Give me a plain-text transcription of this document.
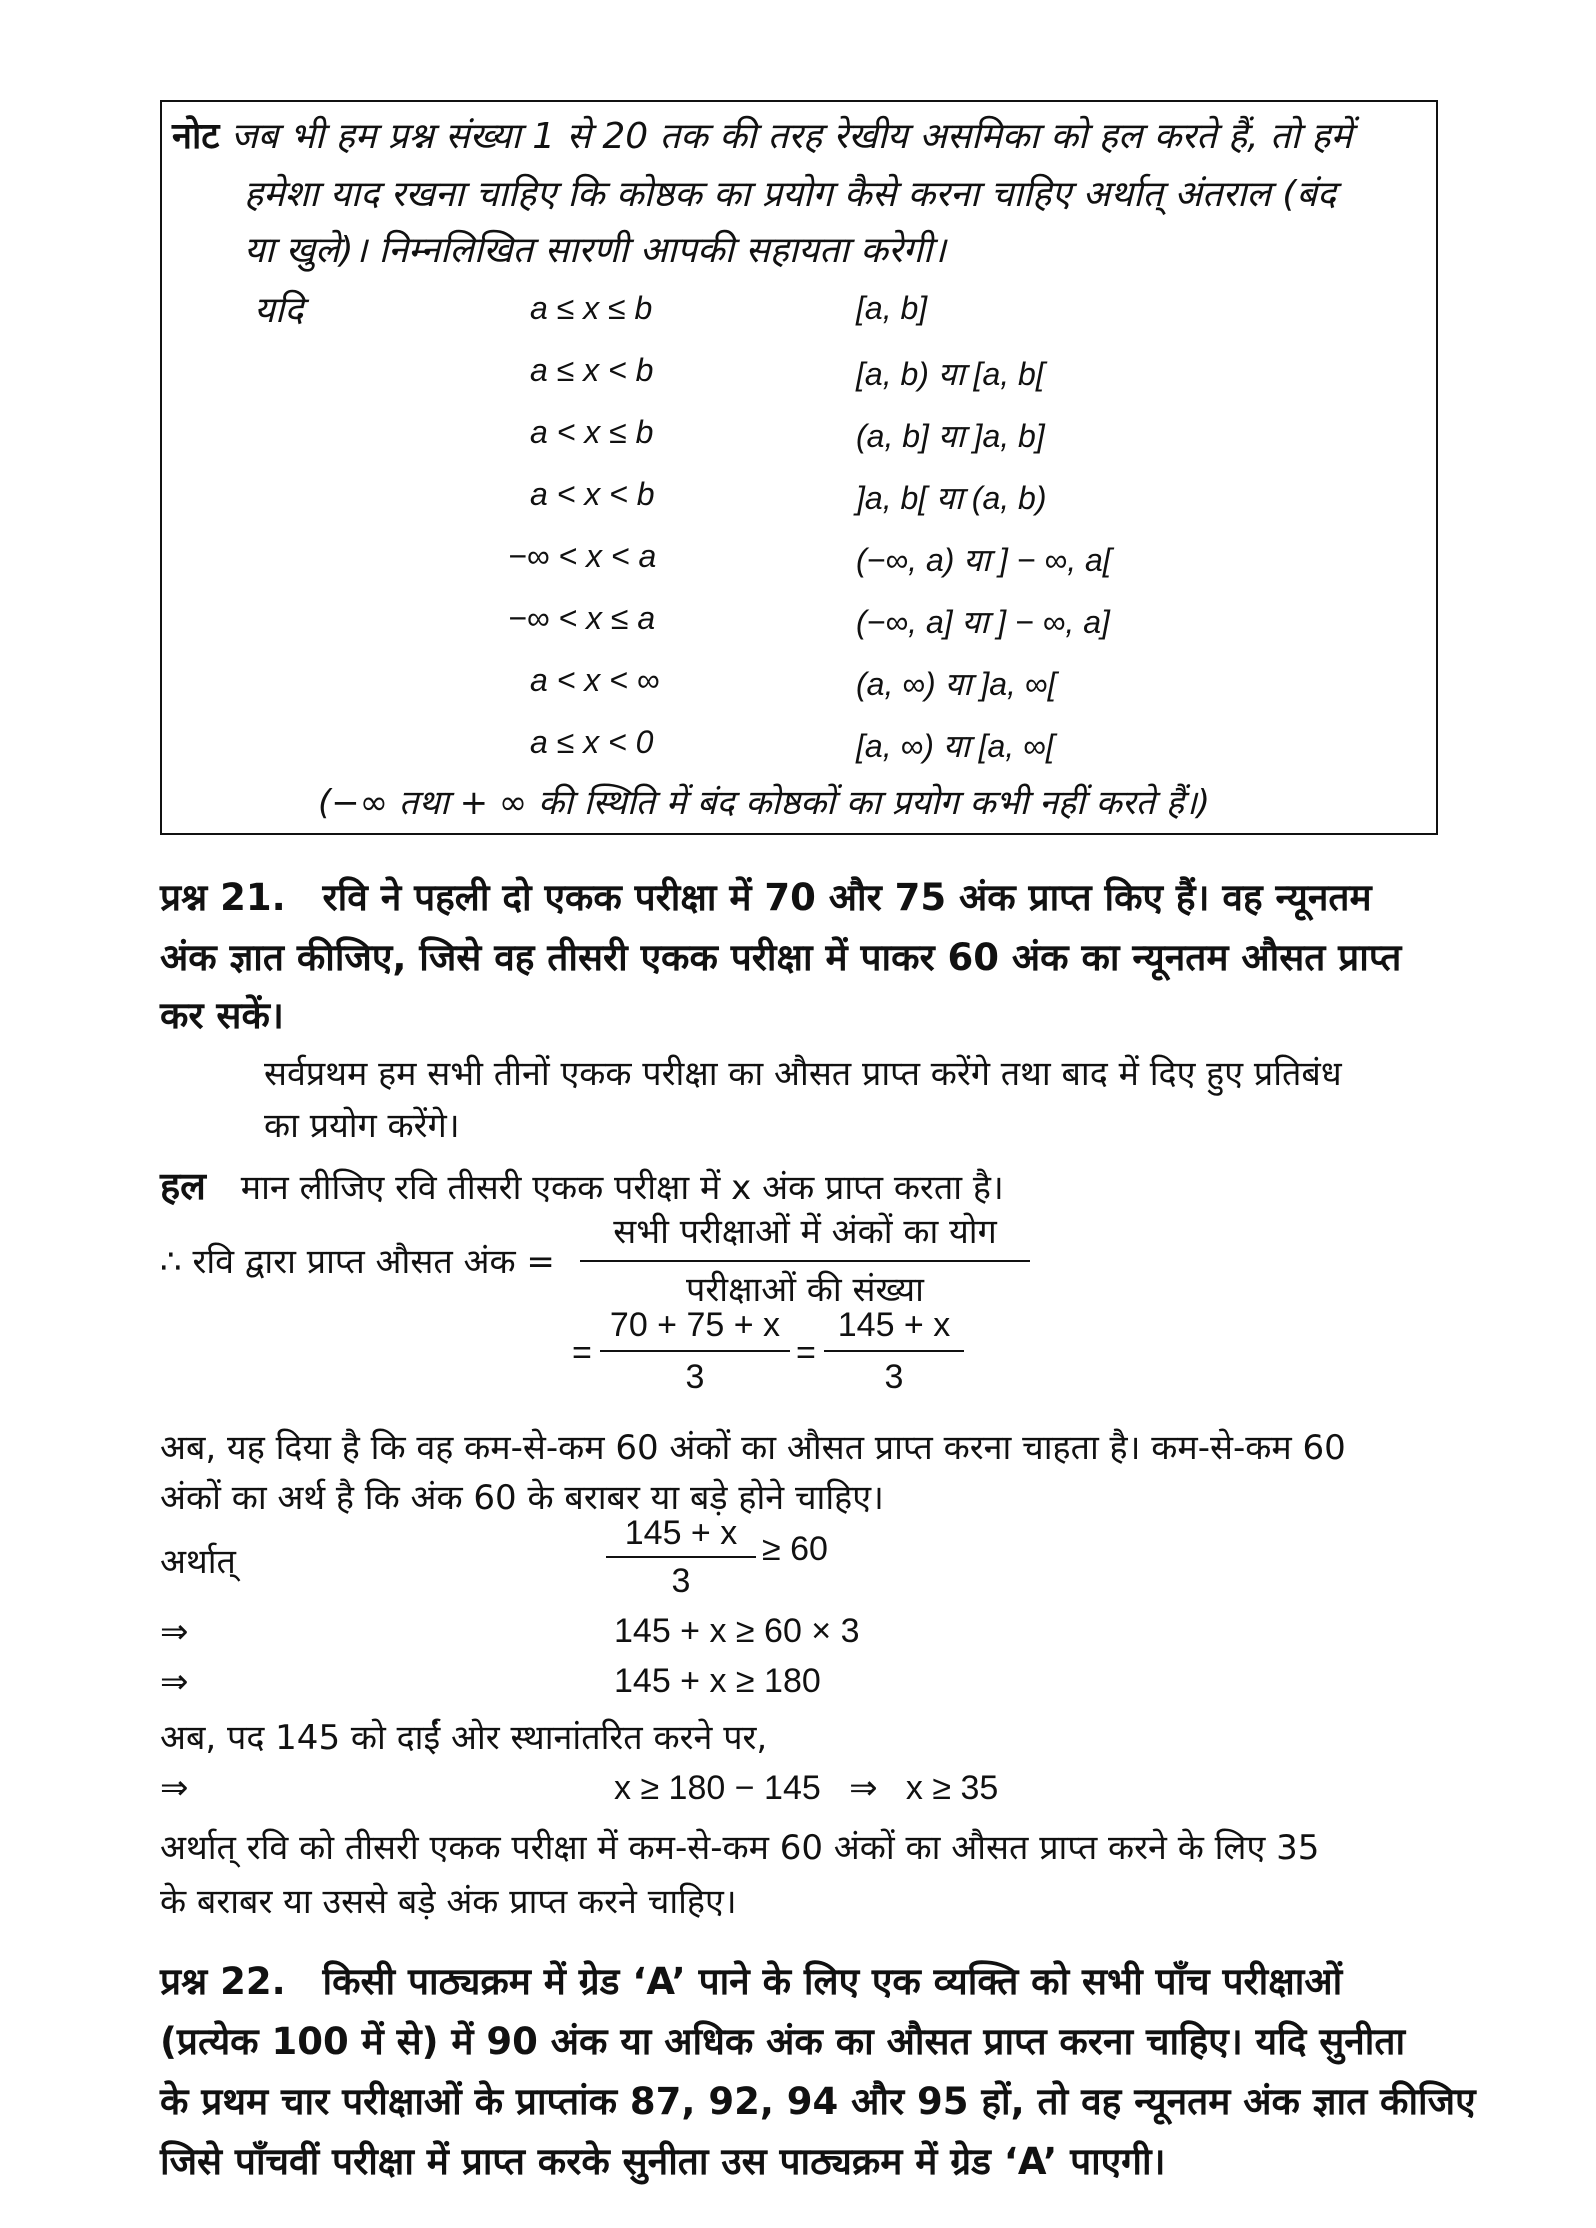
नोट जब भी हम प्रश्न संख्या 1 से 20 तक की तरह रेखीय असमिका को हल करते हैं, तो हमें
हमेशा याद रखना चाहिए कि कोष्ठक का प्रयोग कैसे करना चाहिए अर्थात् अंतराल (बंद
या खुले)। निम्नलिखित सारणी आपकी सहायता करेगी।
यदि	a ≤ x ≤ b	[a, b]
a ≤ x < b	[a, b) या [a, b[
a < x ≤ b	(a, b] या ]a, b]
a < x < b	]a, b[ या (a, b)
−∞ < x < a	(−∞, a) या ] − ∞, a[
−∞ < x ≤ a	(−∞, a] या ] − ∞, a]
a < x < ∞	(a, ∞) या ]a, ∞[
a ≤ x < 0	[a, ∞) या [a, ∞[
(−∞ तथा + ∞ की स्थिति में बंद कोष्ठकों का प्रयोग कभी नहीं करते हैं।)
प्रश्न 21. रवि ने पहली दो एकक परीक्षा में 70 और 75 अंक प्राप्त किए हैं। वह न्यूनतम
अंक ज्ञात कीजिए, जिसे वह तीसरी एकक परीक्षा में पाकर 60 अंक का न्यूनतम औसत प्राप्त
कर सकें।
सर्वप्रथम हम सभी तीनों एकक परीक्षा का औसत प्राप्त करेंगे तथा बाद में दिए हुए प्रतिबंध
का प्रयोग करेंगे।
हल मान लीजिए रवि तीसरी एकक परीक्षा में x अंक प्राप्त करता है।
∴ रवि द्वारा प्राप्त औसत अंक =
सभी परीक्षाओं में अंकों का योग
परीक्षाओं की संख्या
= $\frac{70 + 75 + x}{3} = \frac{145 + x}{3}$
अब, यह दिया है कि वह कम-से-कम 60 अंकों का औसत प्राप्त करना चाहता है। कम-से-कम 60
अंकों का अर्थ है कि अंक 60 के बराबर या बड़े होने चाहिए।
अर्थात्	$\frac{145 + x}{3} \ge 60$
⇒	145 + x ≥ 60 × 3
⇒	145 + x ≥ 180
अब, पद 145 को दाईं ओर स्थानांतरित करने पर,
⇒	x ≥ 180 − 145   ⇒   x ≥ 35
अर्थात् रवि को तीसरी एकक परीक्षा में कम-से-कम 60 अंकों का औसत प्राप्त करने के लिए 35
के बराबर या उससे बड़े अंक प्राप्त करने चाहिए।
प्रश्न 22. किसी पाठ्यक्रम में ग्रेड ‘A’ पाने के लिए एक व्यक्ति को सभी पाँच परीक्षाओं
(प्रत्येक 100 में से) में 90 अंक या अधिक अंक का औसत प्राप्त करना चाहिए। यदि सुनीता
के प्रथम चार परीक्षाओं के प्राप्तांक 87, 92, 94 और 95 हों, तो वह न्यूनतम अंक ज्ञात कीजिए
जिसे पाँचवीं परीक्षा में प्राप्त करके सुनीता उस पाठ्यक्रम में ग्रेड ‘A’ पाएगी।
